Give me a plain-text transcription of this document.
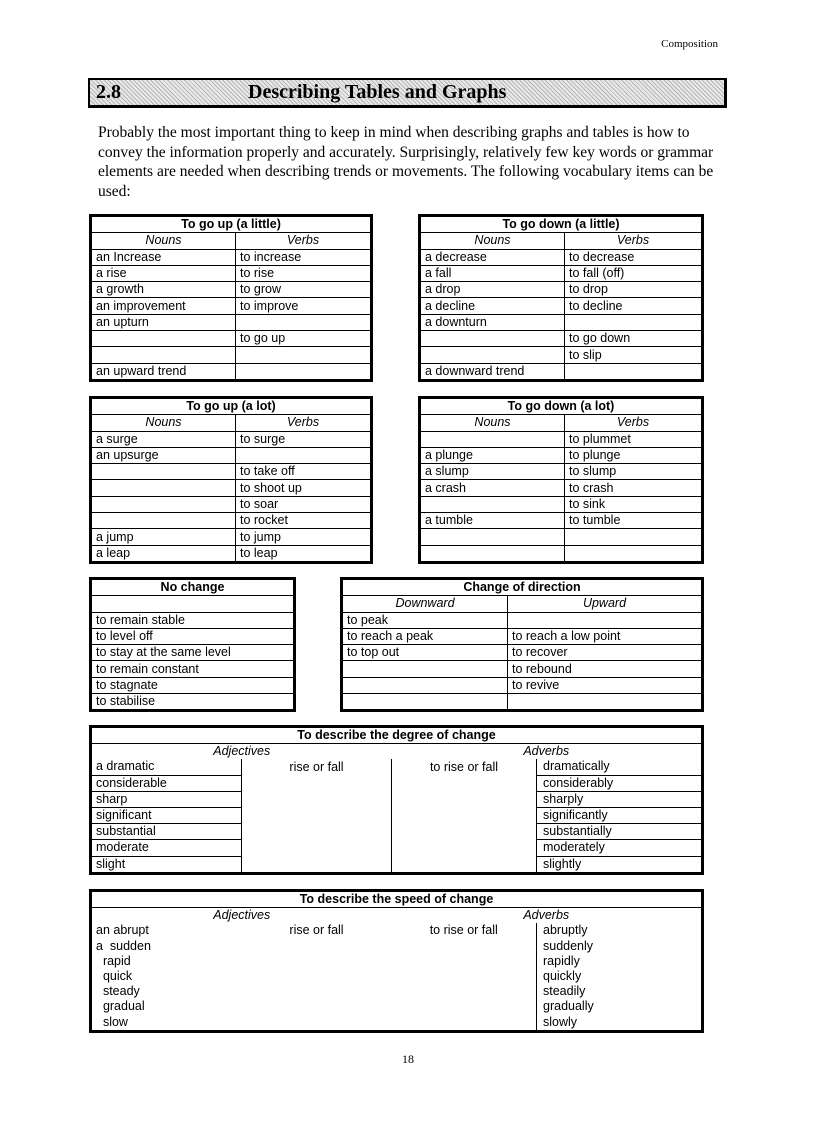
Composition
2.8	Describing Tables and Graphs
Probably the most important thing to keep in mind when describing graphs and tables is how to convey the information properly and accurately. Surprisingly, relatively few key words or grammar elements are needed when describing trends or movements. The following vocabulary items can be used:
To go up (a little)	
Nouns	Verbs
an Increase	to increase
a rise	to rise
a growth	to grow
an improvement	to improve
an upturn	
	to go up

an upward trend	
To go down (a little)	
Nouns	Verbs
a decrease	to decrease
a fall	to fall (off)
a drop	to drop
a decline	to decline
a downturn	
	to go down
	to slip
a downward trend	
To go up (a lot)	
Nouns	Verbs
a surge	to surge
an upsurge	
	to take off
	to shoot up
	to soar
	to rocket
a jump	to jump
a leap	to leap
To go down (a lot)	
Nouns	Verbs
	to plummet
a plunge	to plunge
a slump	to slump
a crash	to crash
	to sink
a tumble	to tumble

No change

to remain stable
to level off
to stay at the same level
to remain constant
to stagnate
to stabilise
Change of direction	
Downward	Upward
to peak	
to reach a peak	to reach a low point
to top out	to recover
	to rebound
	to revive

To describe the degree of change			
Adjectives		Adverbs	
a dramatic	rise or fall	to rise or fall	dramatically
considerable			considerably
sharp			sharply
significant			significantly
substantial			substantially
moderate			moderately
slight			slightly
To describe the speed of change			
Adjectives		Adverbs	
an abrupt	rise or fall	to rise or fall	abruptly
a  sudden			suddenly
rapid			rapidly
quick			quickly
steady			steadily
gradual			gradually
slow			slowly
18
